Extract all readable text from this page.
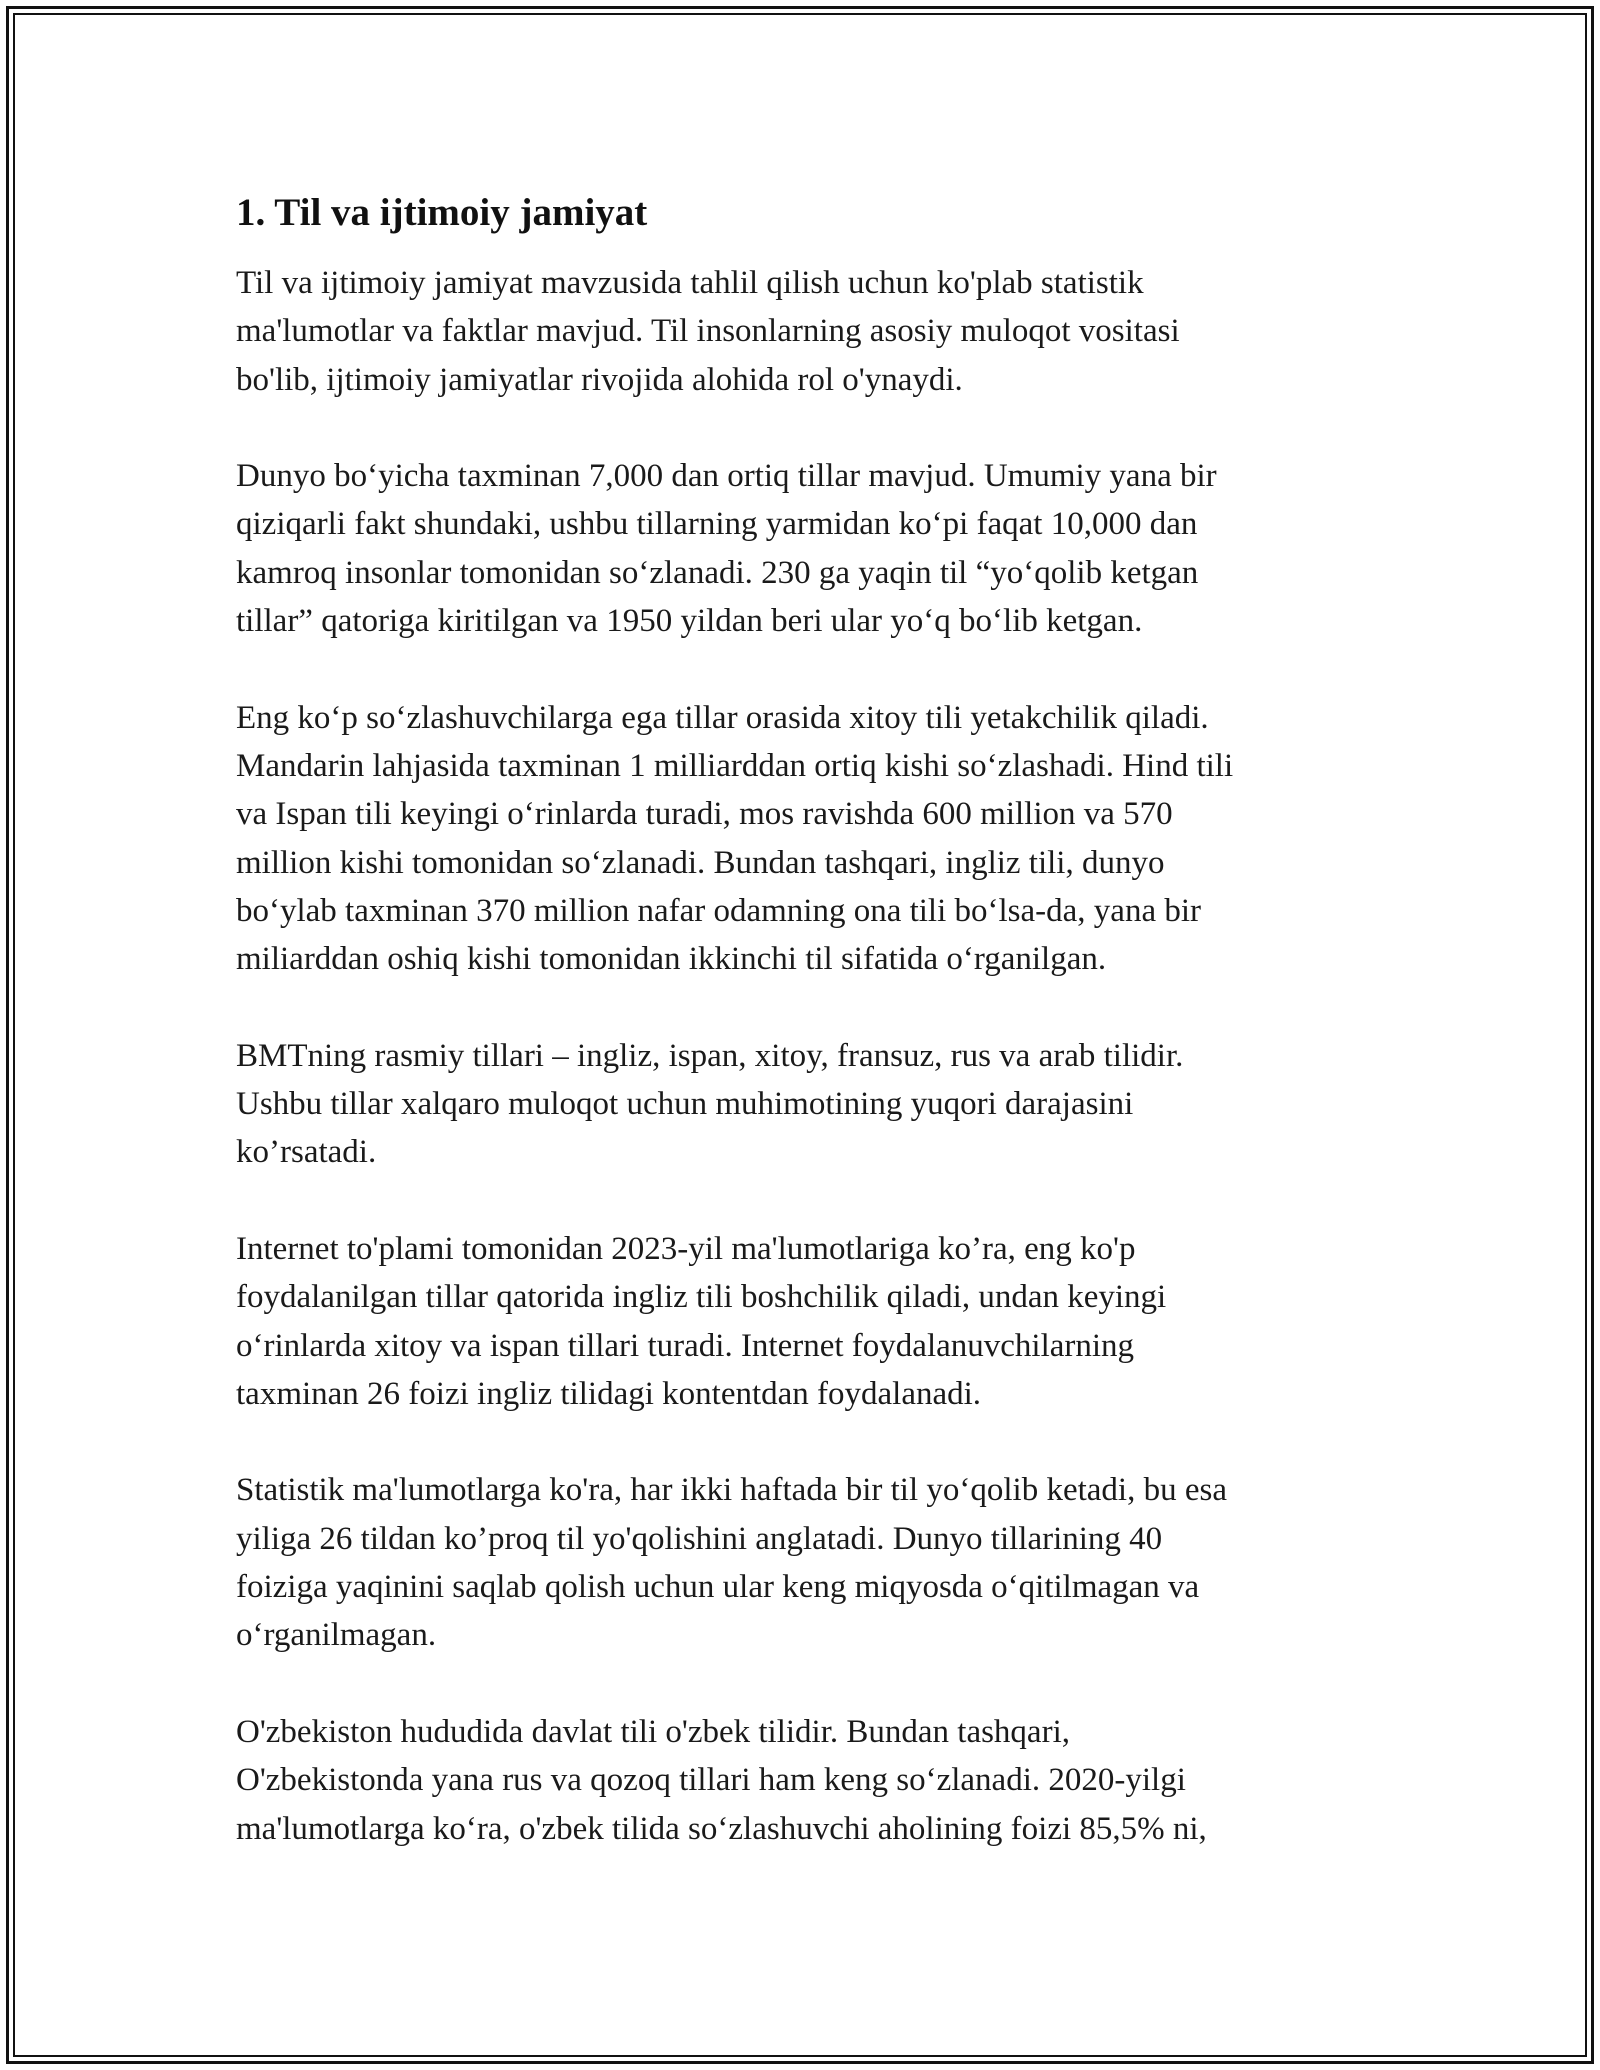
1. Til va ijtimoiy jamiyat

Til va ijtimoiy jamiyat mavzusida tahlil qilish uchun ko'plab statistik
ma'lumotlar va faktlar mavjud. Til insonlarning asosiy muloqot vositasi
bo'lib, ijtimoiy jamiyatlar rivojida alohida rol o'ynaydi.

Dunyo bo‘yicha taxminan 7,000 dan ortiq tillar mavjud. Umumiy yana bir
qiziqarli fakt shundaki, ushbu tillarning yarmidan ko‘pi faqat 10,000 dan
kamroq insonlar tomonidan so‘zlanadi. 230 ga yaqin til “yo‘qolib ketgan
tillar” qatoriga kiritilgan va 1950 yildan beri ular yo‘q bo‘lib ketgan.

Eng ko‘p so‘zlashuvchilarga ega tillar orasida xitoy tili yetakchilik qiladi.
Mandarin lahjasida taxminan 1 milliarddan ortiq kishi so‘zlashadi. Hind tili
va Ispan tili keyingi o‘rinlarda turadi, mos ravishda 600 million va 570
million kishi tomonidan so‘zlanadi. Bundan tashqari, ingliz tili, dunyo
bo‘ylab taxminan 370 million nafar odamning ona tili bo‘lsa-da, yana bir
miliarddan oshiq kishi tomonidan ikkinchi til sifatida o‘rganilgan.

BMTning rasmiy tillari – ingliz, ispan, xitoy, fransuz, rus va arab tilidir.
Ushbu tillar xalqaro muloqot uchun muhimotining yuqori darajasini
ko’rsatadi.

Internet to'plami tomonidan 2023-yil ma'lumotlariga ko’ra, eng ko'p
foydalanilgan tillar qatorida ingliz tili boshchilik qiladi, undan keyingi
o‘rinlarda xitoy va ispan tillari turadi. Internet foydalanuvchilarning
taxminan 26 foizi ingliz tilidagi kontentdan foydalanadi.

Statistik ma'lumotlarga ko'ra, har ikki haftada bir til yo‘qolib ketadi, bu esa
yiliga 26 tildan ko’proq til yo'qolishini anglatadi. Dunyo tillarining 40
foiziga yaqinini saqlab qolish uchun ular keng miqyosda o‘qitilmagan va
o‘rganilmagan.

O'zbekiston hududida davlat tili o'zbek tilidir. Bundan tashqari,
O'zbekistonda yana rus va qozoq tillari ham keng so‘zlanadi. 2020-yilgi
ma'lumotlarga ko‘ra, o'zbek tilida so‘zlashuvchi aholining foizi 85,5% ni,
